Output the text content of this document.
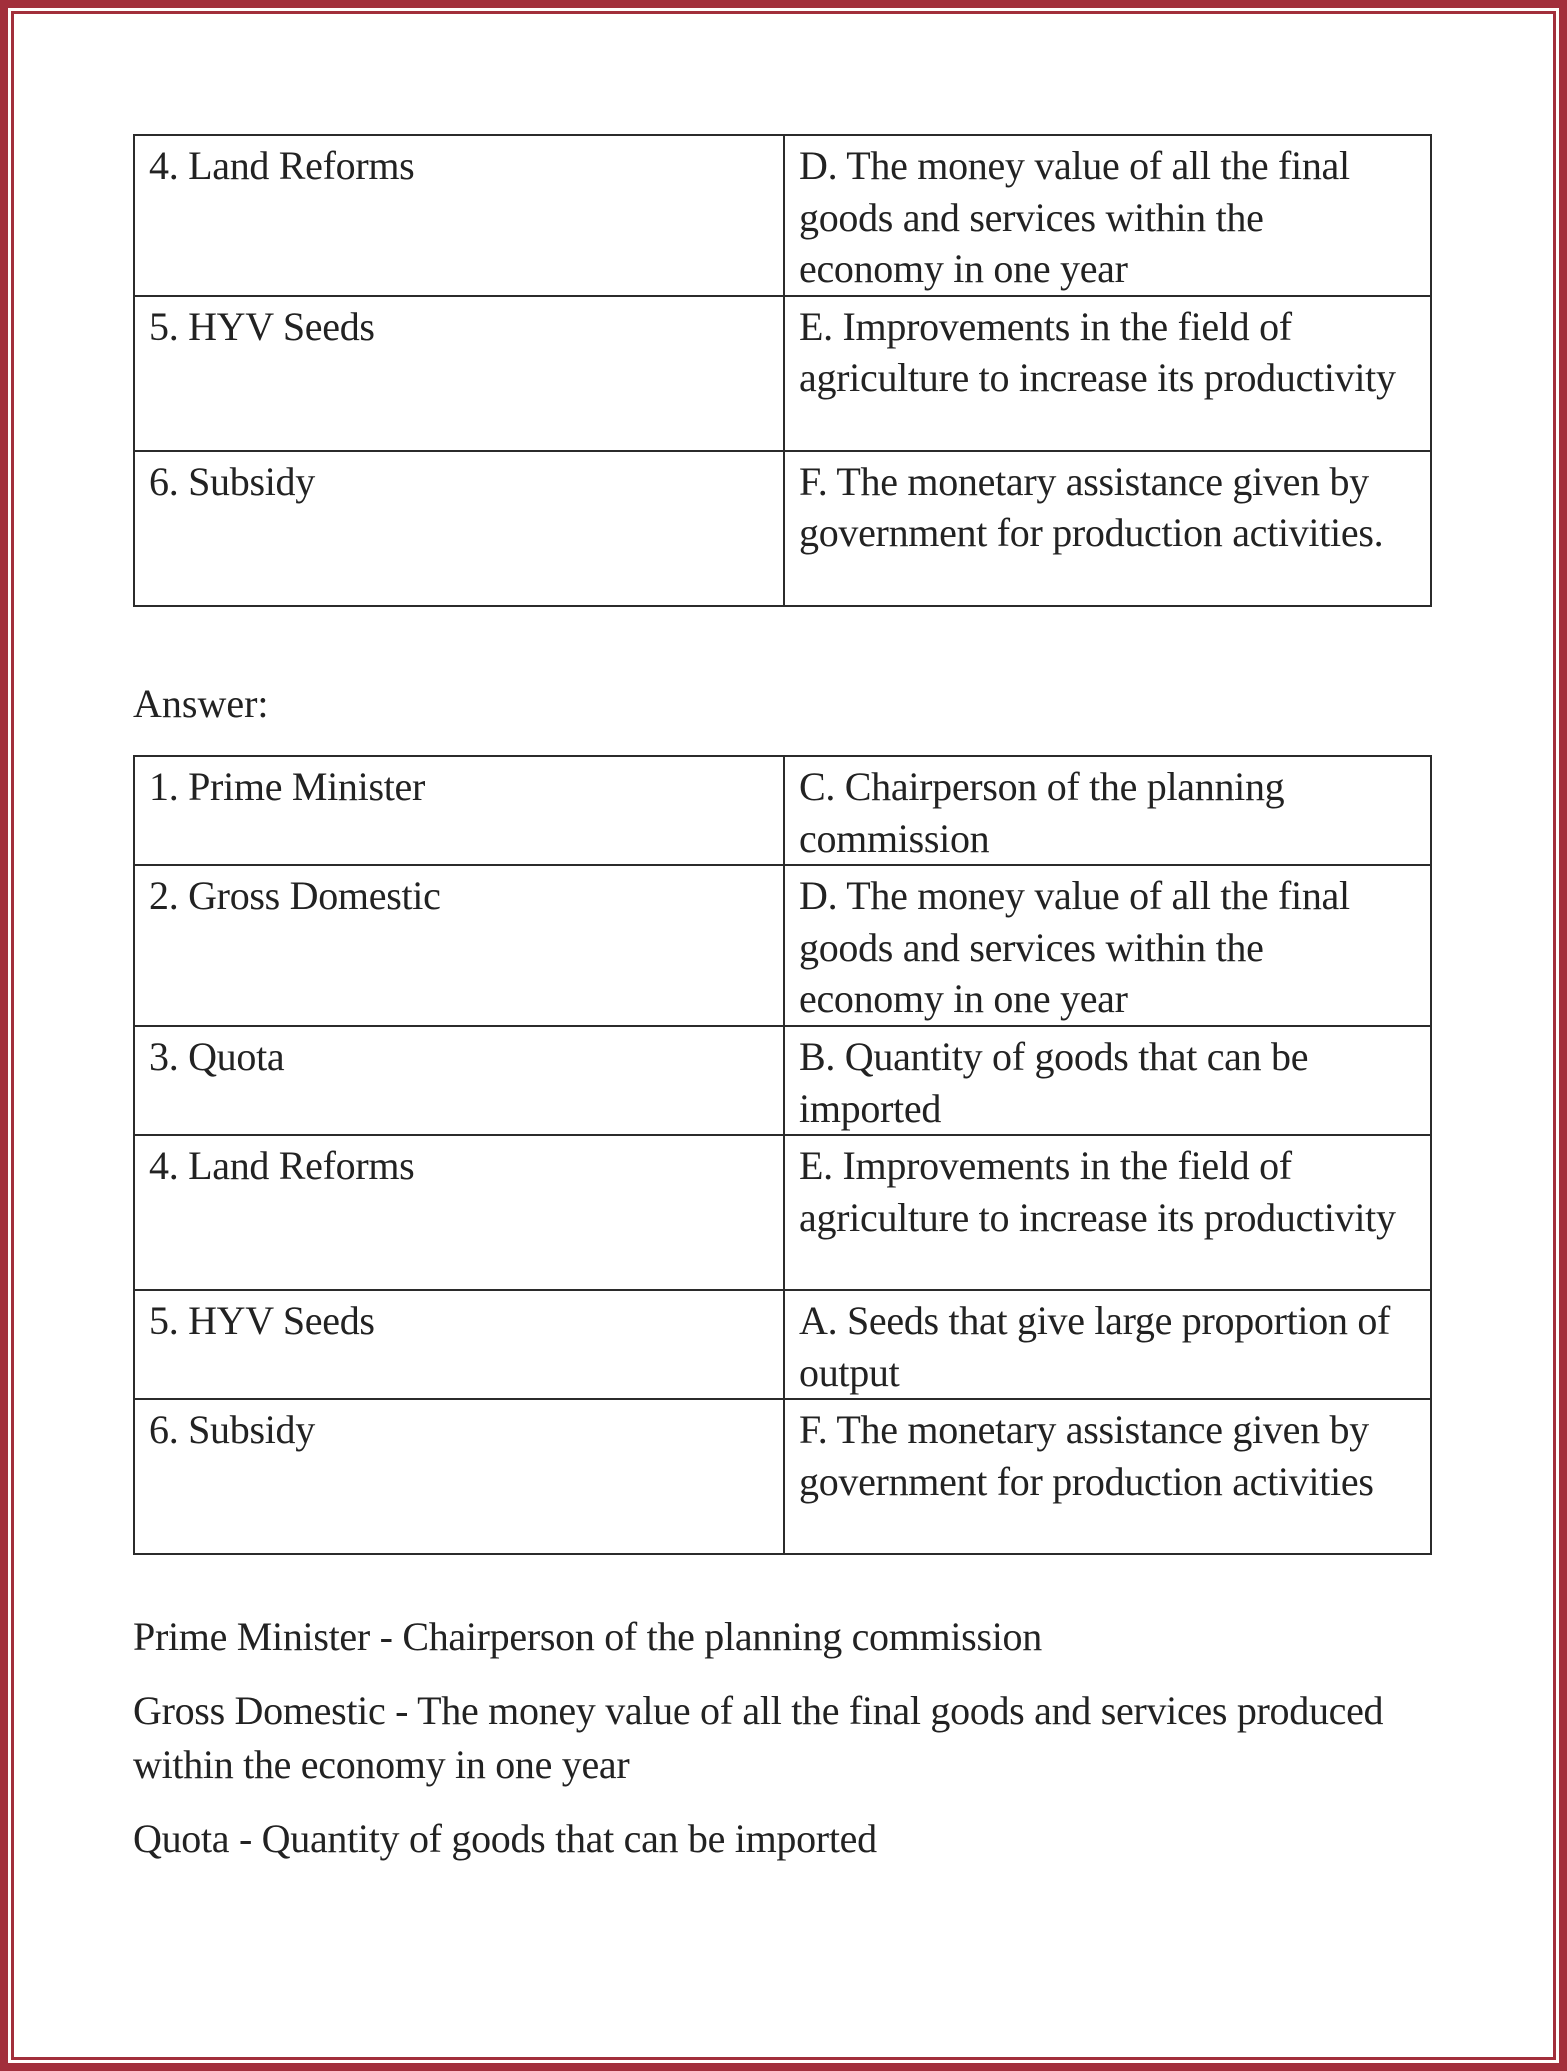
4. Land Reforms	D. The money value of all the final goods and services within the economy in one year
5. HYV Seeds	E. Improvements in the field of agriculture to increase its productivity
6. Subsidy	F. The monetary assistance given by government for production activities.
Answer:
1. Prime Minister	C. Chairperson of the planning commission
2. Gross Domestic	D. The money value of all the final goods and services within the economy in one year
3. Quota	B. Quantity of goods that can be imported
4. Land Reforms	E. Improvements in the field of agriculture to increase its productivity
5. HYV Seeds	A. Seeds that give large proportion of output
6. Subsidy	F. The monetary assistance given by government for production activities

Prime Minister - Chairperson of the planning commission

Gross Domestic - The money value of all the final goods and services produced within the economy in one year

Quota - Quantity of goods that can be imported
